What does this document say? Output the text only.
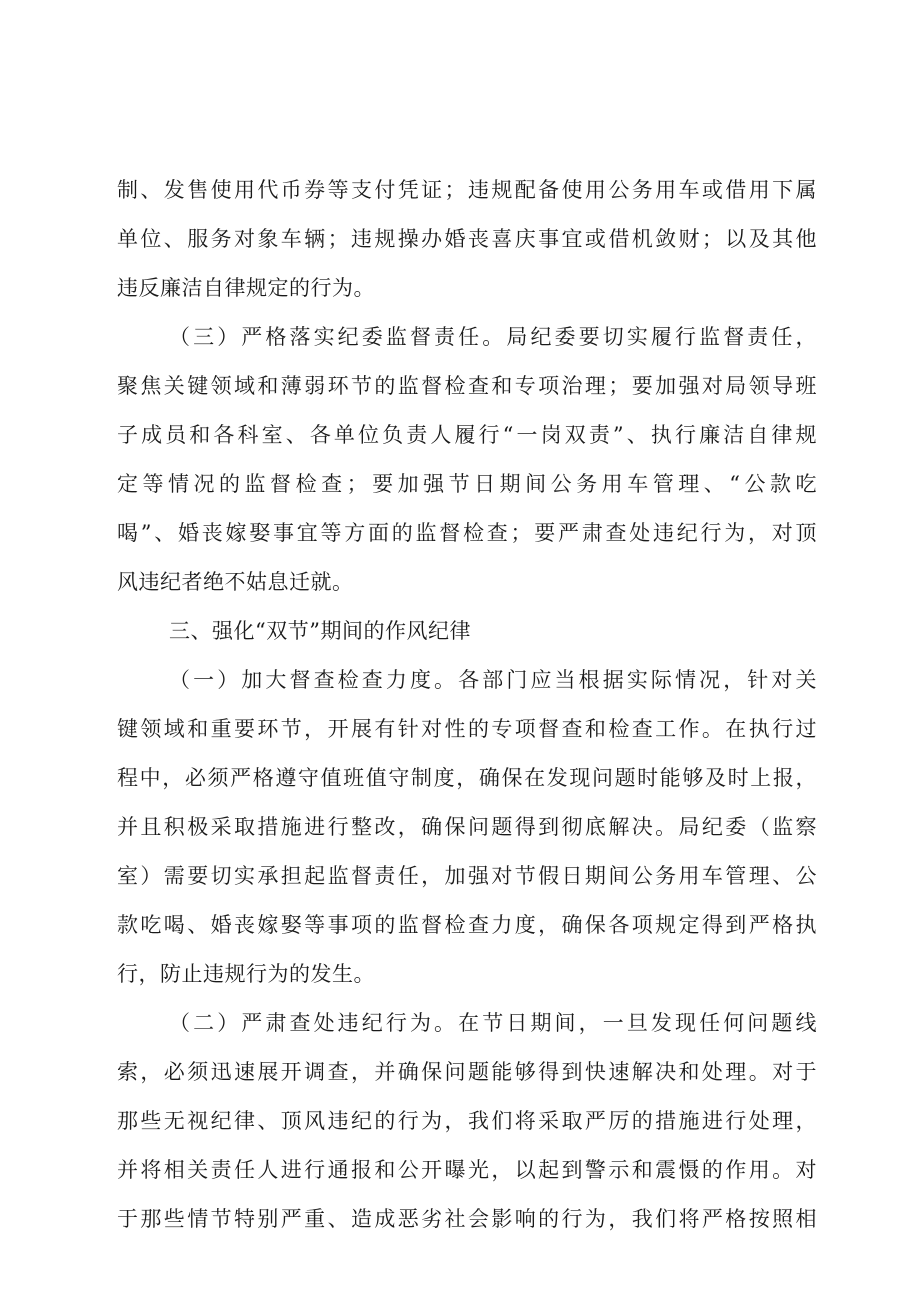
制、发售使用代币券等支付凭证；违规配备使用公务用车或借用下属
单位、服务对象车辆；违规操办婚丧喜庆事宜或借机敛财；以及其他
违反廉洁自律规定的行为。
（三）严格落实纪委监督责任。局纪委要切实履行监督责任，
聚焦关键领域和薄弱环节的监督检查和专项治理；要加强对局领导班
子成员和各科室、各单位负责人履行“一岗双责”、执行廉洁自律规
定等情况的监督检查；要加强节日期间公务用车管理、“公款吃
喝”、婚丧嫁娶事宜等方面的监督检查；要严肃查处违纪行为，对顶
风违纪者绝不姑息迁就。
三、强化“双节”期间的作风纪律
（一）加大督查检查力度。各部门应当根据实际情况，针对关
键领域和重要环节，开展有针对性的专项督查和检查工作。在执行过
程中，必须严格遵守值班值守制度，确保在发现问题时能够及时上报，
并且积极采取措施进行整改，确保问题得到彻底解决。局纪委（监察
室）需要切实承担起监督责任，加强对节假日期间公务用车管理、公
款吃喝、婚丧嫁娶等事项的监督检查力度，确保各项规定得到严格执
行，防止违规行为的发生。
（二）严肃查处违纪行为。在节日期间，一旦发现任何问题线
索，必须迅速展开调查，并确保问题能够得到快速解决和处理。对于
那些无视纪律、顶风违纪的行为，我们将采取严厉的措施进行处理，
并将相关责任人进行通报和公开曝光，以起到警示和震慑的作用。对
于那些情节特别严重、造成恶劣社会影响的行为，我们将严格按照相
